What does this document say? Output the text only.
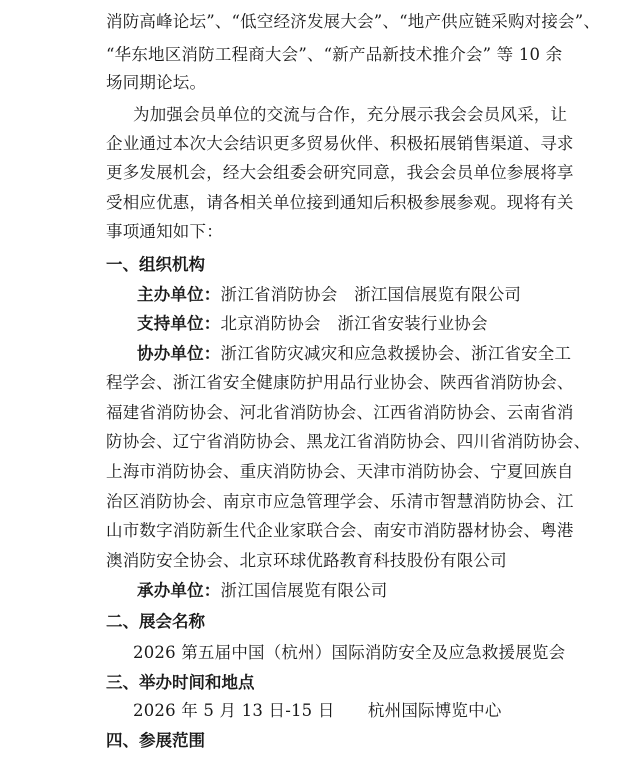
消防高峰论坛”、“低空经济发展大会”、“地产供应链采购对接会”、
“华东地区消防工程商大会”、“新产品新技术推介会” 等 10 余
场同期论坛。
为加强会员单位的交流与合作，充分展示我会会员风采，让
企业通过本次大会结识更多贸易伙伴、积极拓展销售渠道、寻求
更多发展机会，经大会组委会研究同意，我会会员单位参展将享
受相应优惠，请各相关单位接到通知后积极参展参观。现将有关
事项通知如下：
一、组织机构
主办单位：浙江省消防协会　浙江国信展览有限公司
支持单位：北京消防协会　浙江省安装行业协会
协办单位：浙江省防灾减灾和应急救援协会、浙江省安全工
程学会、浙江省安全健康防护用品行业协会、陕西省消防协会、
福建省消防协会、河北省消防协会、江西省消防协会、云南省消
防协会、辽宁省消防协会、黑龙江省消防协会、四川省消防协会、
上海市消防协会、重庆消防协会、天津市消防协会、宁夏回族自
治区消防协会、南京市应急管理学会、乐清市智慧消防协会、江
山市数字消防新生代企业家联合会、南安市消防器材协会、粤港
澳消防安全协会、北京环球优路教育科技股份有限公司
承办单位：浙江国信展览有限公司
二、展会名称
2026 第五届中国（杭州）国际消防安全及应急救援展览会
三、举办时间和地点
2026 年 5 月 13 日-15 日　　杭州国际博览中心
四、参展范围
